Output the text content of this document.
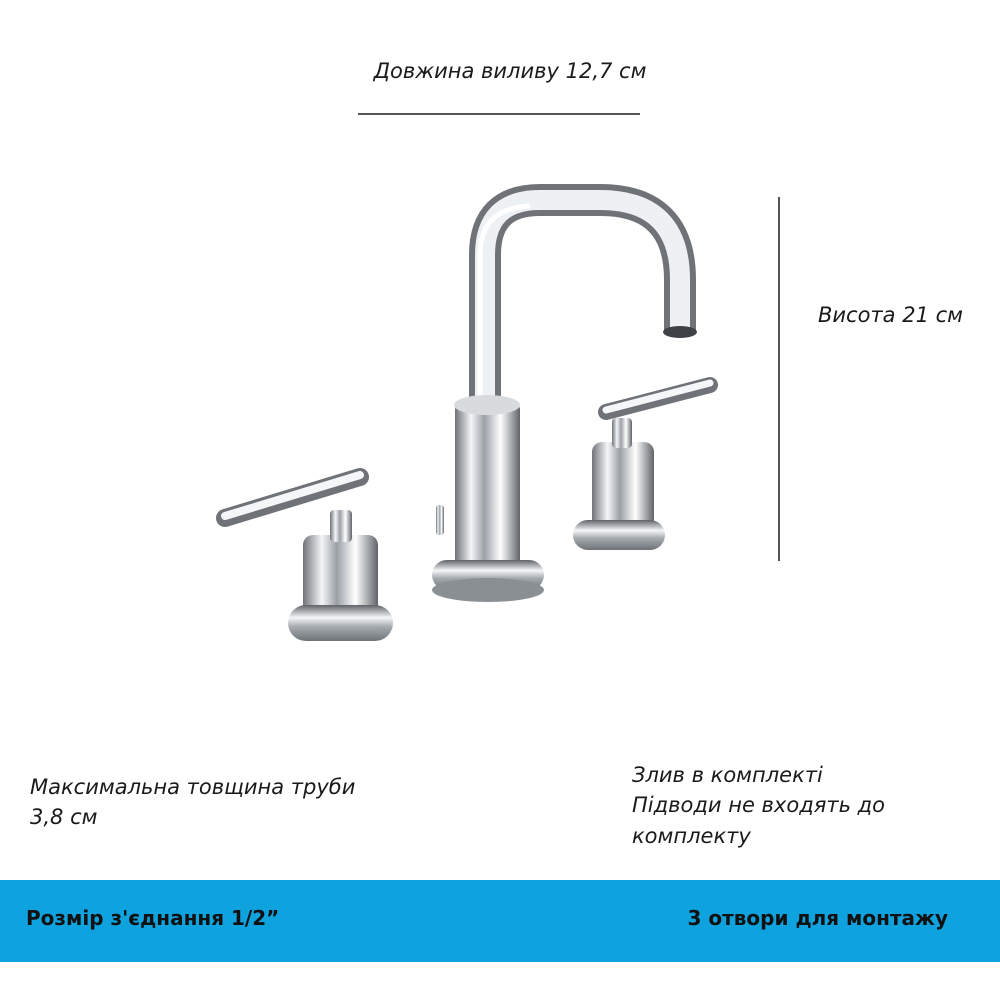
Довжина виливу 12,7 см
Висота 21 см
Максимальна товщина труби
3,8 см
Злив в комплекті
Підводи не входять до
комплекту
Розмір з'єднання 1/2”	3 отвори для монтажу
